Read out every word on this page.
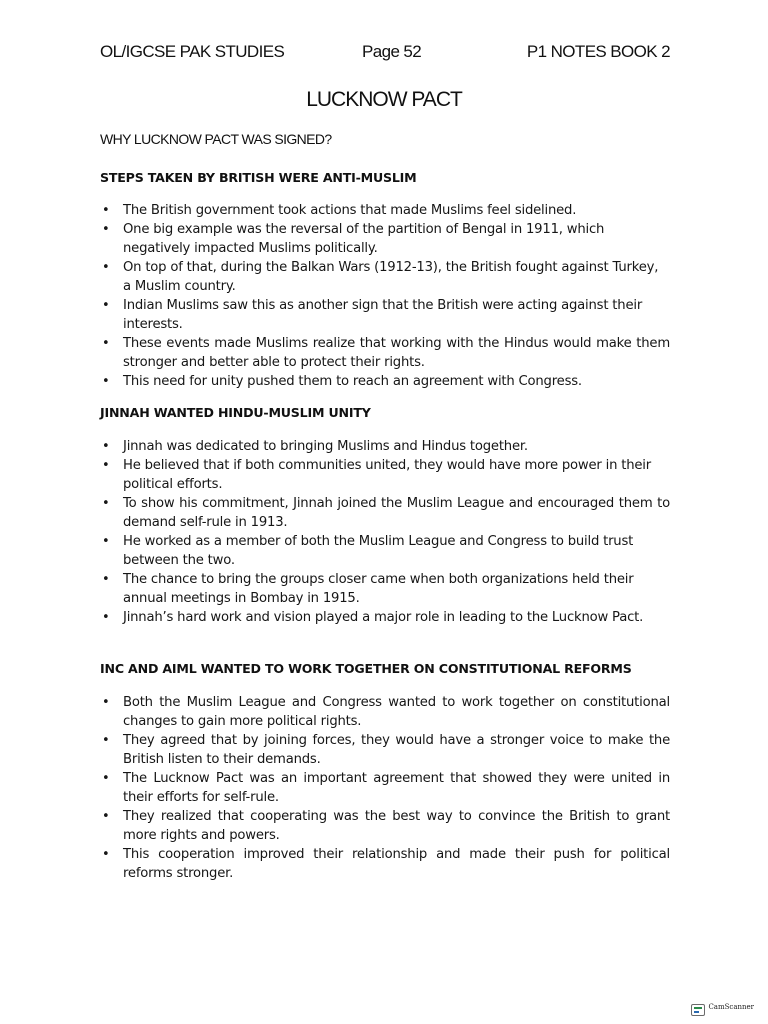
OL/IGCSE PAK STUDIES	Page 52	P1 NOTES BOOK 2
LUCKNOW PACT
WHY LUCKNOW PACT WAS SIGNED?
STEPS TAKEN BY BRITISH WERE ANTI-MUSLIM
•	The British government took actions that made Muslims feel sidelined.
•	One big example was the reversal of the partition of Bengal in 1911, which negatively impacted Muslims politically.
•	On top of that, during the Balkan Wars (1912-13), the British fought against Turkey, a Muslim country.
•	Indian Muslims saw this as another sign that the British were acting against their interests.
•	These events made Muslims realize that working with the Hindus would make them stronger and better able to protect their rights.
•	This need for unity pushed them to reach an agreement with Congress.
JINNAH WANTED HINDU-MUSLIM UNITY
•	Jinnah was dedicated to bringing Muslims and Hindus together.
•	He believed that if both communities united, they would have more power in their political efforts.
•	To show his commitment, Jinnah joined the Muslim League and encouraged them to demand self-rule in 1913.
•	He worked as a member of both the Muslim League and Congress to build trust between the two.
•	The chance to bring the groups closer came when both organizations held their annual meetings in Bombay in 1915.
•	Jinnah’s hard work and vision played a major role in leading to the Lucknow Pact.
INC AND AIML WANTED TO WORK TOGETHER ON CONSTITUTIONAL REFORMS
•	Both the Muslim League and Congress wanted to work together on constitutional changes to gain more political rights.
•	They agreed that by joining forces, they would have a stronger voice to make the British listen to their demands.
•	The Lucknow Pact was an important agreement that showed they were united in their efforts for self-rule.
•	They realized that cooperating was the best way to convince the British to grant more rights and powers.
•	This cooperation improved their relationship and made their push for political reforms stronger.
CamScanner
